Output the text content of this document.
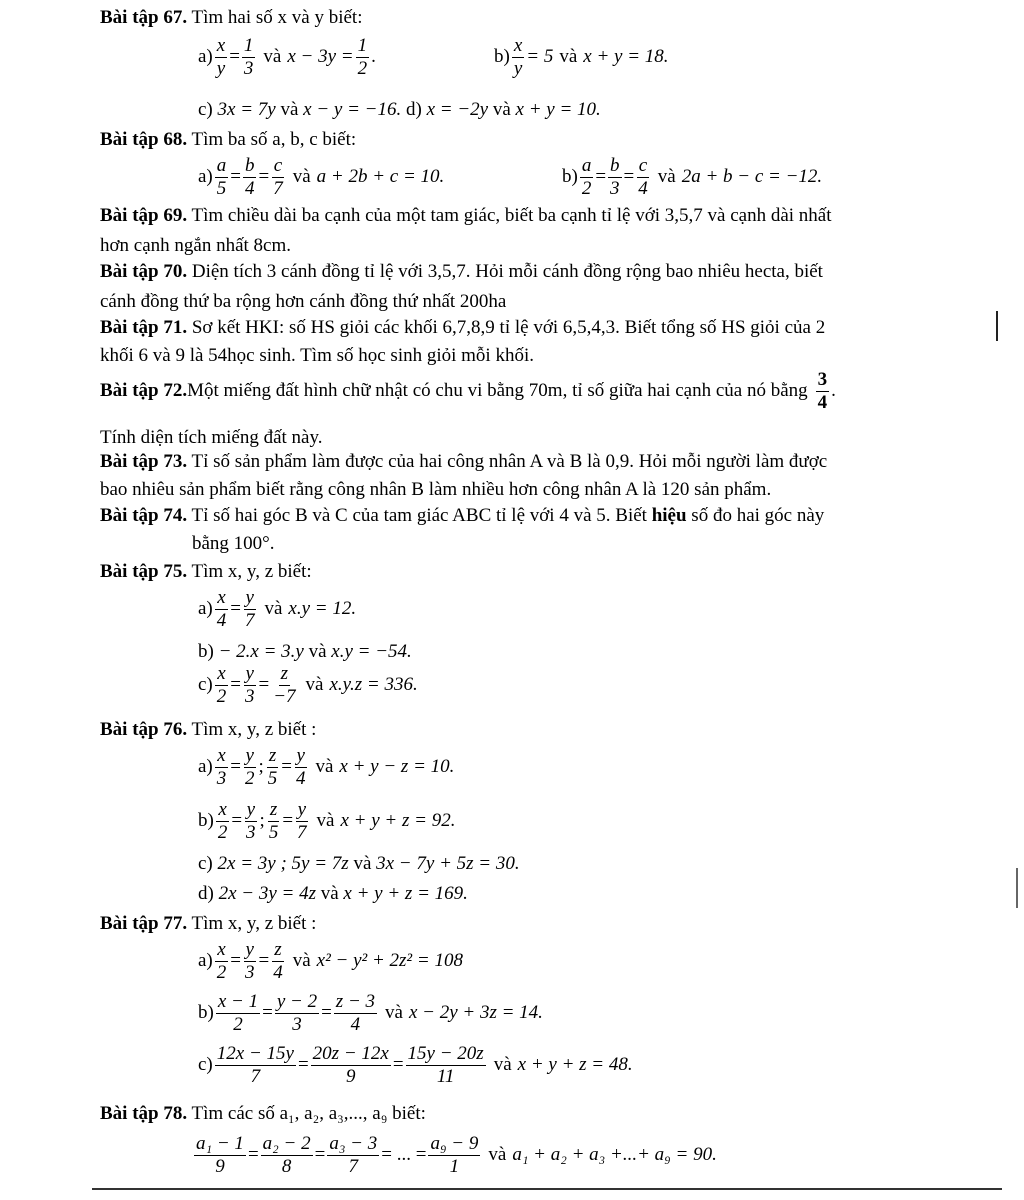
Bài tập 67. Tìm hai số x và y biết:
$a) \frac{x}{y} = \frac{1}{3}$ và $x - 3y = \frac{1}{2}$ .	$b) \frac{x}{y} = 5$ và x + y = 18.
c) 3x = 7y và x − y = −16. d) x = −2y và x + y = 10.
Bài tập 68. Tìm ba số a, b, c biết:
$a) \frac{a}{5} = \frac{b}{4} = \frac{c}{7}$ và a + 2b + c = 10.	$b) \frac{a}{2} = \frac{b}{3} = \frac{c}{4}$ và 2a + b − c = −12.
Bài tập 69. Tìm chiều dài ba cạnh của một tam giác, biết ba cạnh tỉ lệ với 3,5,7 và cạnh dài nhất
hơn cạnh ngắn nhất 8cm.
Bài tập 70. Diện tích 3 cánh đồng tỉ lệ với 3,5,7. Hỏi mỗi cánh đồng rộng bao nhiêu hecta, biết
cánh đồng thứ ba rộng hơn cánh đồng thứ nhất 200ha
Bài tập 71. Sơ kết HKI: số HS giỏi các khối 6,7,8,9 tỉ lệ với 6,5,4,3. Biết tổng số HS giỏi của 2
khối 6 và 9 là 54học sinh. Tìm số học sinh giỏi mỗi khối.
Bài tập 72. Một miếng đất hình chữ nhật có chu vi bằng 70m, tỉ số giữa hai cạnh của nó bằng $\frac{3}{4}$ .
Tính diện tích miếng đất này.
Bài tập 73. Tỉ số sản phẩm làm được của hai công nhân A và B là 0,9. Hỏi mỗi người làm được
bao nhiêu sản phẩm biết rằng công nhân B làm nhiều hơn công nhân A là 120 sản phẩm.
Bài tập 74. Tỉ số hai góc B và C của tam giác ABC tỉ lệ với 4 và 5. Biết hiệu số đo hai góc này
bằng 100°.
Bài tập 75. Tìm x, y, z biết:
$a) \frac{x}{4} = \frac{y}{7}$ và x.y = 12.
b) − 2.x = 3.y và x.y = −54.
$c) \frac{x}{2} = \frac{y}{3} = \frac{z}{-7}$ và x.y.z = 336.
Bài tập 76. Tìm x, y, z biết :
$a) \frac{x}{3} = \frac{y}{2}$ ; $\frac{z}{5} = \frac{y}{4}$ và x + y − z = 10.
$b) \frac{x}{2} = \frac{y}{3}$ ; $\frac{z}{5} = \frac{y}{7}$ và x + y + z = 92.
c) 2x = 3y ; 5y = 7z và 3x − 7y + 5z = 30.
d) 2x − 3y = 4z và x + y + z = 169.
Bài tập 77. Tìm x, y, z biết :
$a) \frac{x}{2} = \frac{y}{3} = \frac{z}{4}$ và x² − y² + 2z² = 108
$b) \frac{x - 1}{2} = \frac{y - 2}{3} = \frac{z - 3}{4}$ và x − 2y + 3z = 14.
$c) \frac{12x - 15y}{7} = \frac{20z - 12x}{9} = \frac{15y - 20z}{11}$ và x + y + z = 48.
Bài tập 78. Tìm các số a₁, a₂, a₃,..., a₉ biết:
$\frac{\text{a₁ − 1}}{9} = \frac{\text{a₂ − 2}}{8} = \frac{\text{a₃ − 3}}{7}$ = ... = $\frac{\text{a₉ − 9}}{1}$ và a₁ + a₂ + a₃ +...+ a₉ = 90.
